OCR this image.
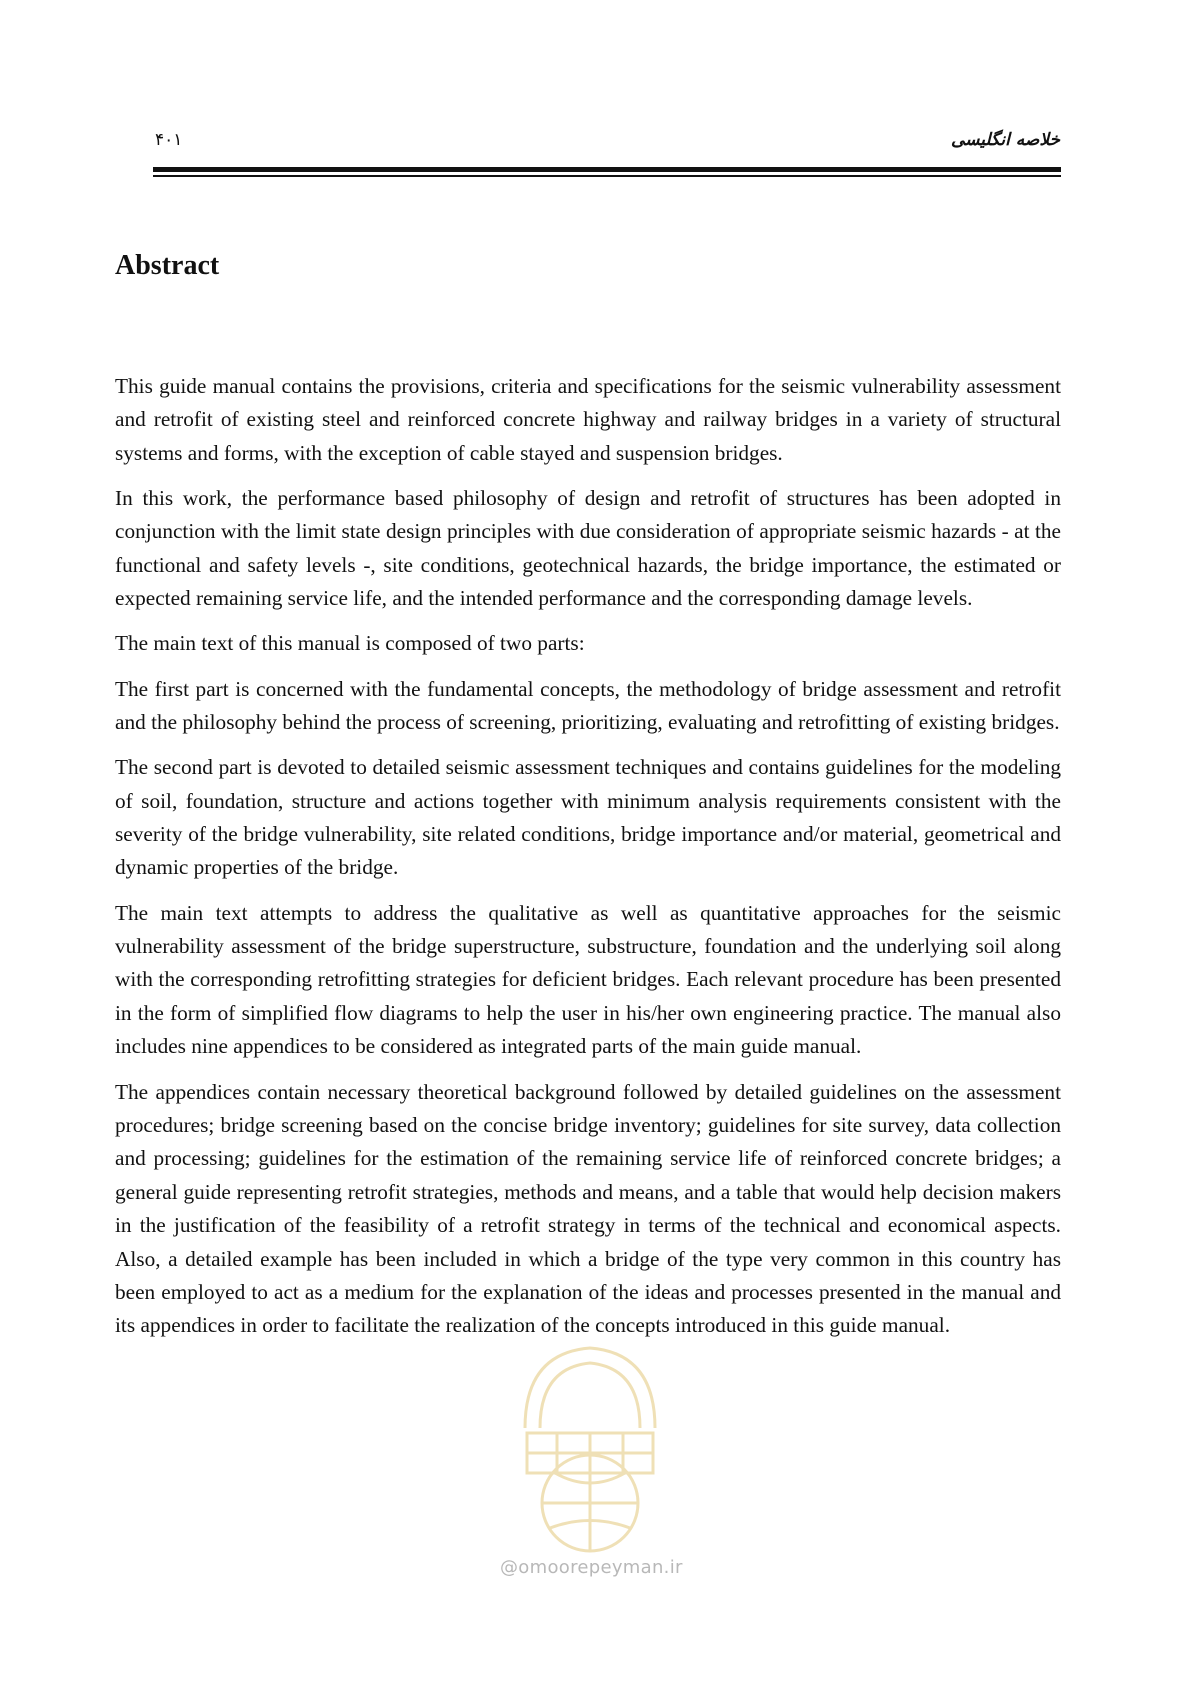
۴۰۱	خلاصه انگلیسی
Abstract

This guide manual contains the provisions, criteria and specifications for the seismic vulnerability assessment and retrofit of existing steel and reinforced concrete highway and railway bridges in a variety of structural systems and forms, with the exception of cable stayed and suspension bridges.

In this work, the performance based philosophy of design and retrofit of structures has been adopted in conjunction with the limit state design principles with due consideration of appropriate seismic hazards - at the functional and safety levels -, site conditions, geotechnical hazards, the bridge importance, the estimated or expected remaining service life, and the intended performance and the corresponding damage levels.

The main text of this manual is composed of two parts:

The first part is concerned with the fundamental concepts, the methodology of bridge assessment and retrofit and the philosophy behind the process of screening, prioritizing, evaluating and retrofitting of existing bridges.

The second part is devoted to detailed seismic assessment techniques and contains guidelines for the modeling of soil, foundation, structure and actions together with minimum analysis requirements consistent with the severity of the bridge vulnerability, site related conditions, bridge importance and/or material, geometrical and dynamic properties of the bridge.

The main text attempts to address the qualitative as well as quantitative approaches for the seismic vulnerability assessment of the bridge superstructure, substructure, foundation and the underlying soil along with the corresponding retrofitting strategies for deficient bridges. Each relevant procedure has been presented in the form of simplified flow diagrams to help the user in his/her own engineering practice. The manual also includes nine appendices to be considered as integrated parts of the main guide manual.

The appendices contain necessary theoretical background followed by detailed guidelines on the assessment procedures; bridge screening based on the concise bridge inventory; guidelines for site survey, data collection and processing; guidelines for the estimation of the remaining service life of reinforced concrete bridges; a general guide representing retrofit strategies, methods and means, and a table that would help decision makers in the justification of the feasibility of a retrofit strategy in terms of the technical and economical aspects. Also, a detailed example has been included in which a bridge of the type very common in this country has been employed to act as a medium for the explanation of the ideas and processes presented in the manual and its appendices in order to facilitate the realization of the concepts introduced in this guide manual.

@omoorepeyman.ir
